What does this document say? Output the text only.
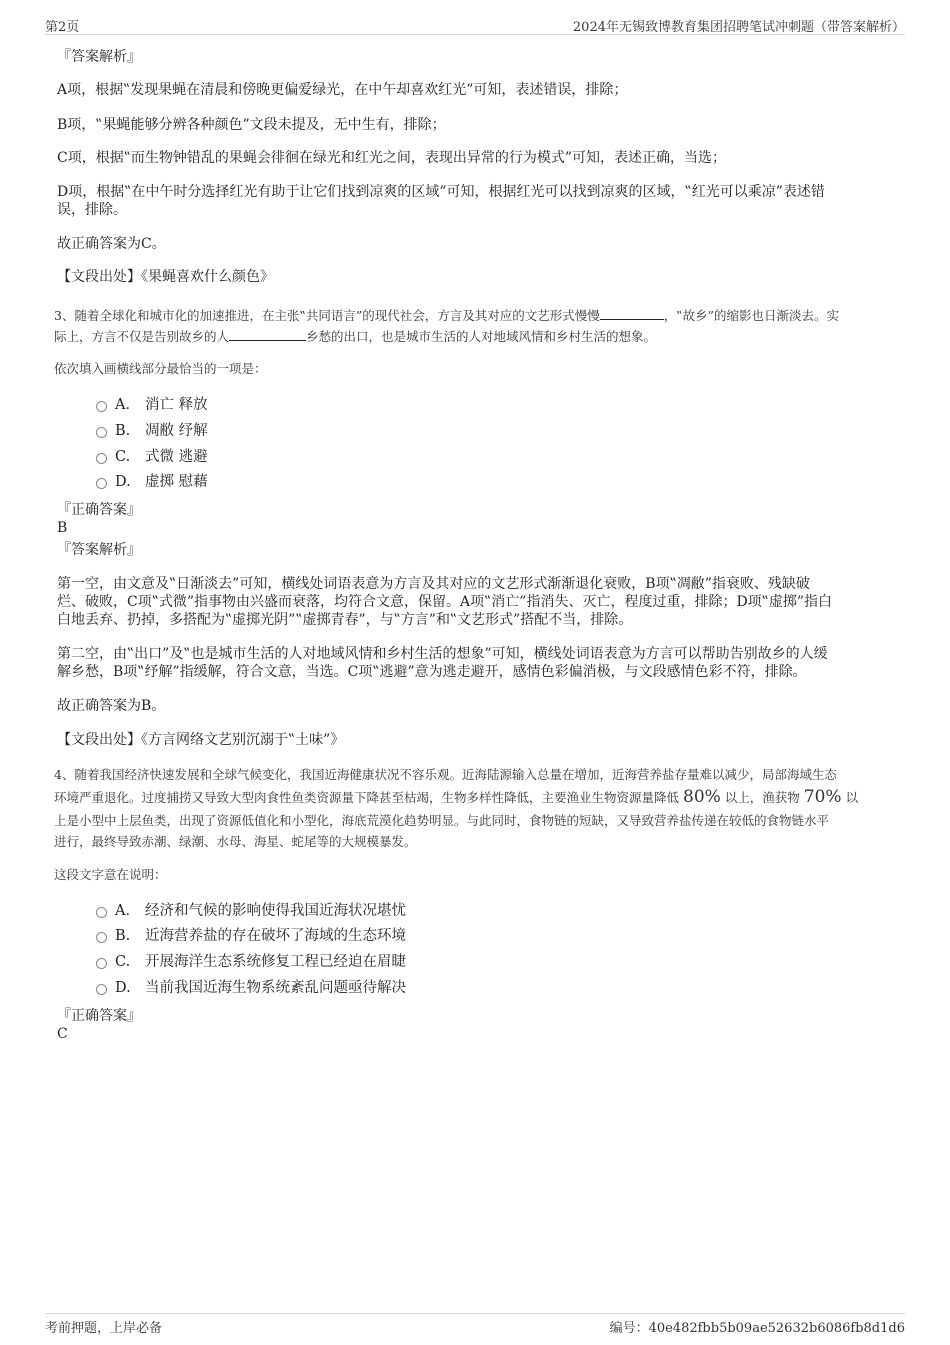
第2页	2024年无锡致博教育集团招聘笔试冲刺题（带答案解析）
『答案解析』
A项，根据‟发现果蝇在清晨和傍晚更偏爱绿光，在中午却喜欢红光”可知，表述错误，排除；
B项，‟果蝇能够分辨各种颜色”文段未提及，无中生有，排除；
C项，根据‟而生物钟错乱的果蝇会徘徊在绿光和红光之间，表现出异常的行为模式”可知，表述正确，当选；
D项，根据‟在中午时分选择红光有助于让它们找到凉爽的区域”可知，根据红光可以找到凉爽的区域，‟红光可以乘凉”表述错
误，排除。
故正确答案为C。
【文段出处】《果蝇喜欢什么颜色》
3、随着全球化和城市化的加速推进，在主张‟共同语言”的现代社会，方言及其对应的文艺形式慢慢	，‟故乡”的缩影也日渐淡去。实
际上，方言不仅是告别故乡的人	乡愁的出口，也是城市生活的人对地域风情和乡村生活的想象。
依次填入画横线部分最恰当的一项是：
A． 消亡 释放
B. 凋敝 纾解
C. 式微 逃避
D. 虚掷 慰藉
『正确答案』
B
『答案解析』
第一空，由文意及‟日渐淡去”可知，横线处词语表意为方言及其对应的文艺形式渐渐退化衰败，B项‟凋敝”指衰败、残缺破
烂、破败，C项‟式微”指事物由兴盛而衰落，均符合文意，保留。A项‟消亡”指消失、灭亡，程度过重，排除；D项‟虚掷”指白
白地丢弃、扔掉，多搭配为‟虚掷光阴”‟虚掷青春”，与‟方言”和‟文艺形式”搭配不当，排除。
第二空，由‟出口”及‟也是城市生活的人对地域风情和乡村生活的想象”可知，横线处词语表意为方言可以帮助告别故乡的人缓
解乡愁，B项‟纾解”指缓解，符合文意，当选。C项‟逃避”意为逃走避开，感情色彩偏消极，与文段感情色彩不符，排除。
故正确答案为B。
【文段出处】《方言网络文艺别沉溺于‟土味”》
4、随着我国经济快速发展和全球气候变化，我国近海健康状况不容乐观。近海陆源输入总量在增加，近海营养盐存量难以减少，局部海域生态
环境严重退化。过度捕捞又导致大型肉食性鱼类资源量下降甚至枯竭，生物多样性降低，主要渔业生物资源量降低 80% 以上，渔获物 70% 以
上是小型中上层鱼类，出现了资源低值化和小型化，海底荒漠化趋势明显。与此同时，食物链的短缺，又导致营养盐传递在较低的食物链水平
进行，最终导致赤潮、绿潮、水母、海星、蛇尾等的大规模暴发。
这段文字意在说明：
A． 经济和气候的影响使得我国近海状况堪忧
B. 近海营养盐的存在破坏了海域的生态环境
C. 开展海洋生态系统修复工程已经迫在眉睫
D. 当前我国近海生物系统紊乱问题亟待解决
『正确答案』
C
考前押题，上岸必备	编号：40e482fbb5b09ae52632b6086fb8d1d6
